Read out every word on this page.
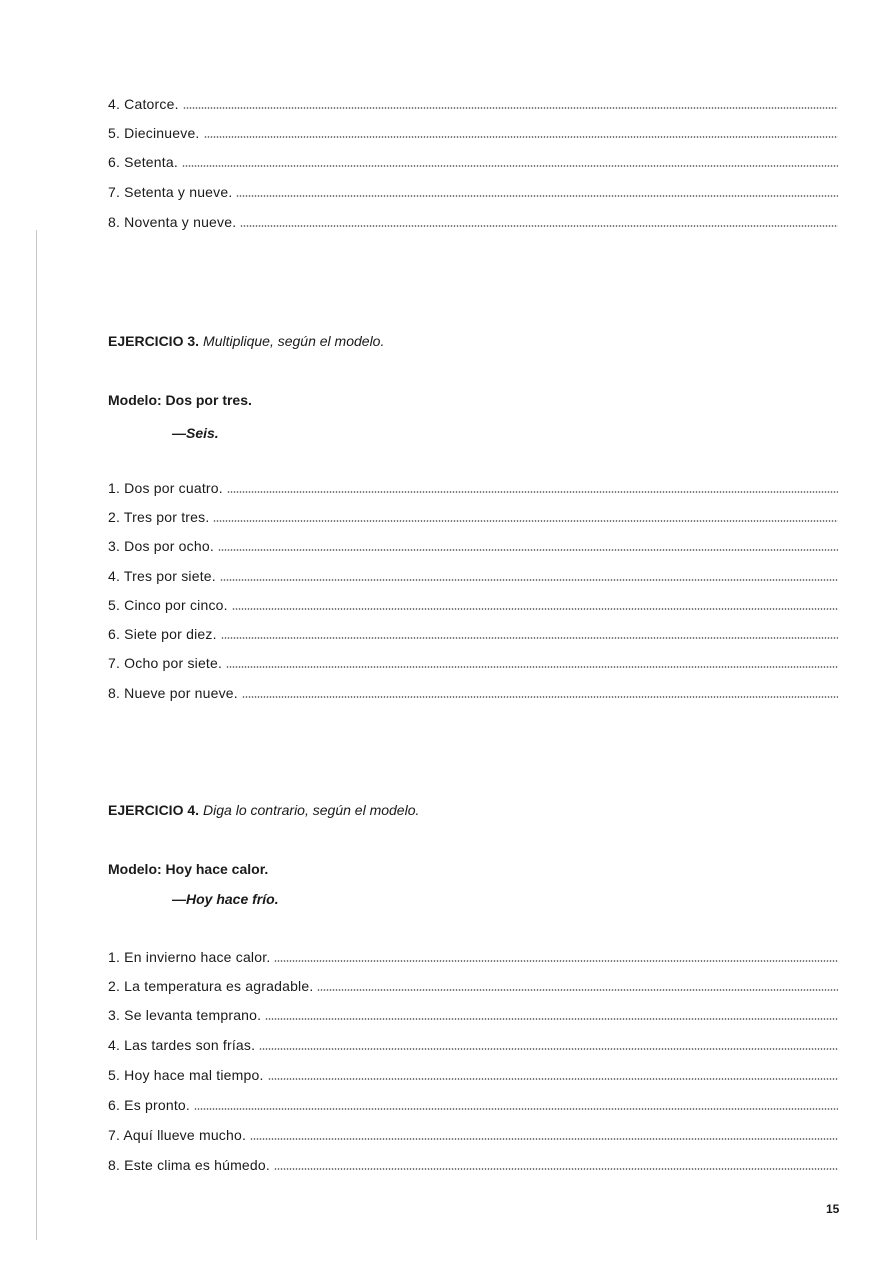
4. Catorce.
5. Diecinueve.
6. Setenta.
7. Setenta y nueve.
8. Noventa y nueve.
EJERCICIO 3. Multiplique, según el modelo.
Modelo: Dos por tres.
—Seis.
1. Dos por cuatro.
2. Tres por tres.
3. Dos por ocho.
4. Tres por siete.
5. Cinco por cinco.
6. Siete por diez.
7. Ocho por siete.
8. Nueve por nueve.
EJERCICIO 4. Diga lo contrario, según el modelo.
Modelo: Hoy hace calor.
—Hoy hace frío.
1. En invierno hace calor.
2. La temperatura es agradable.
3. Se levanta temprano.
4. Las tardes son frías.
5. Hoy hace mal tiempo.
6. Es pronto.
7. Aquí llueve mucho.
8. Este clima es húmedo.
15
